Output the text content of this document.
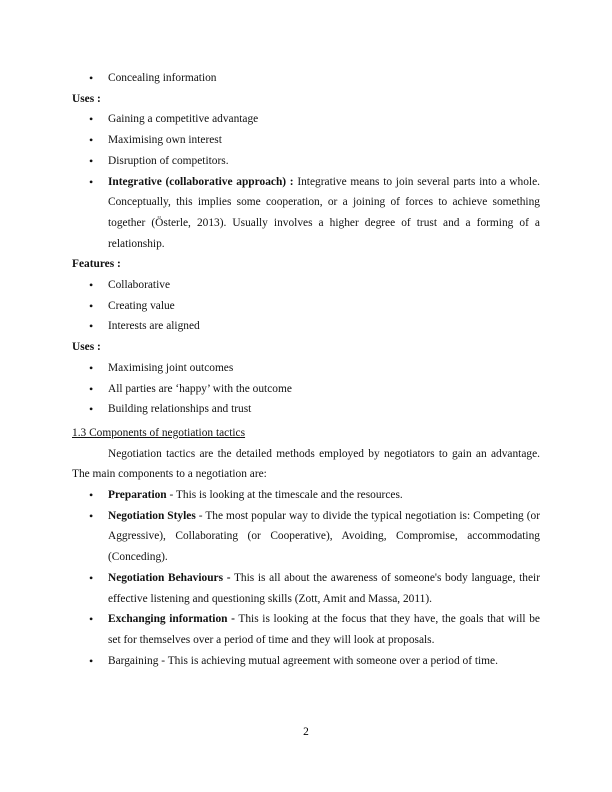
• Concealing information
Uses :
• Gaining a competitive advantage
• Maximising own interest
• Disruption of competitors.
• Integrative (collaborative approach) : Integrative means to join several parts into a whole. Conceptually, this implies some cooperation, or a joining of forces to achieve something together (Österle, 2013). Usually involves a higher degree of trust and a forming of a relationship.
Features :
• Collaborative
• Creating value
• Interests are aligned
Uses :
• Maximising joint outcomes
• All parties are ‘happy’ with the outcome
• Building relationships and trust
1.3 Components of negotiation tactics
Negotiation tactics are the detailed methods employed by negotiators to gain an advantage. The main components to a negotiation are:
• Preparation - This is looking at the timescale and the resources.
• Negotiation Styles - The most popular way to divide the typical negotiation is: Competing (or Aggressive), Collaborating (or Cooperative), Avoiding, Compromise, accommodating (Conceding).
• Negotiation Behaviours - This is all about the awareness of someone's body language, their effective listening and questioning skills (Zott, Amit and Massa, 2011).
• Exchanging information - This is looking at the focus that they have, the goals that will be set for themselves over a period of time and they will look at proposals.
• Bargaining - This is achieving mutual agreement with someone over a period of time.
2
